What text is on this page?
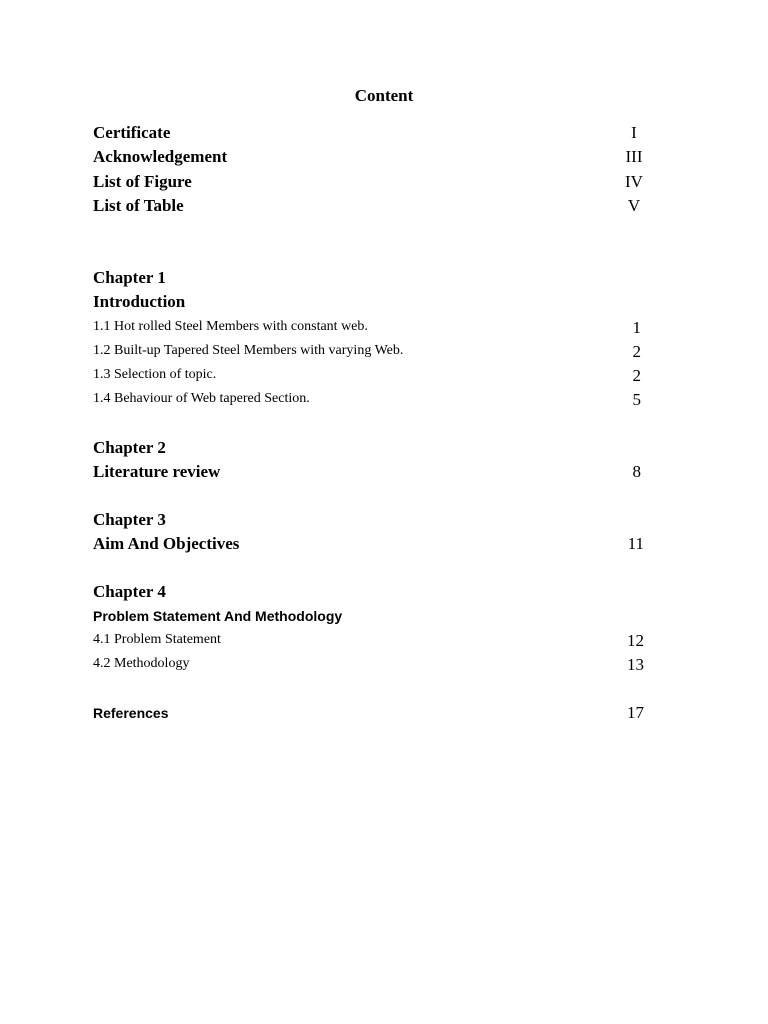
Content
Certificate	I
Acknowledgement	III
List of Figure	IV
List of Table	V
Chapter 1
Introduction
1.1 Hot rolled Steel Members with constant web.	1
1.2 Built-up Tapered Steel Members with varying Web.	2
1.3 Selection of topic.	2
1.4 Behaviour of Web tapered Section.	5
Chapter 2
Literature review	8
Chapter 3
Aim And Objectives	11
Chapter 4
Problem Statement And Methodology
4.1 Problem Statement	12
4.2 Methodology	13
References	17
